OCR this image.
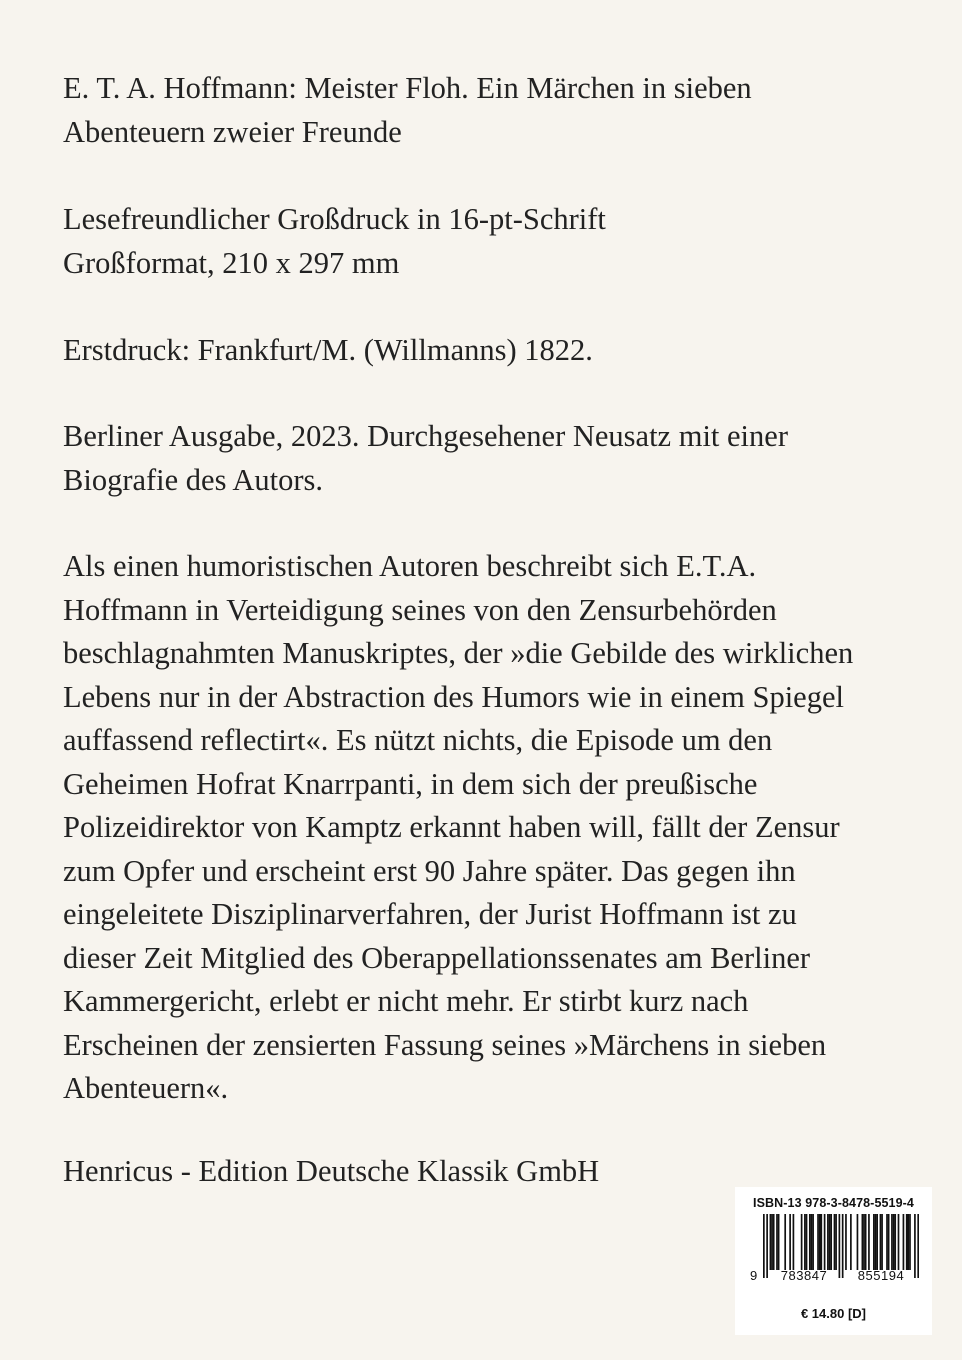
E. T. A. Hoffmann: Meister Floh. Ein Märchen in sieben
Abenteuern zweier Freunde
Lesefreundlicher Großdruck in 16-pt-Schrift
Großformat, 210 x 297 mm
Erstdruck: Frankfurt/M. (Willmanns) 1822.
Berliner Ausgabe, 2023. Durchgesehener Neusatz mit einer
Biografie des Autors.
Als einen humoristischen Autoren beschreibt sich E.T.A.
Hoffmann in Verteidigung seines von den Zensurbehörden
beschlagnahmten Manuskriptes, der »die Gebilde des wirklichen
Lebens nur in der Abstraction des Humors wie in einem Spiegel
auffassend reflectirt«. Es nützt nichts, die Episode um den
Geheimen Hofrat Knarrpanti, in dem sich der preußische
Polizeidirektor von Kamptz erkannt haben will, fällt der Zensur
zum Opfer und erscheint erst 90 Jahre später. Das gegen ihn
eingeleitete Disziplinarverfahren, der Jurist Hoffmann ist zu
dieser Zeit Mitglied des Oberappellationssenates am Berliner
Kammergericht, erlebt er nicht mehr. Er stirbt kurz nach
Erscheinen der zensierten Fassung seines »Märchens in sieben
Abenteuern«.
Henricus - Edition Deutsche Klassik GmbH
ISBN-13 978-3-8478-5519-4
9	783847	855194
€ 14.80 [D]
